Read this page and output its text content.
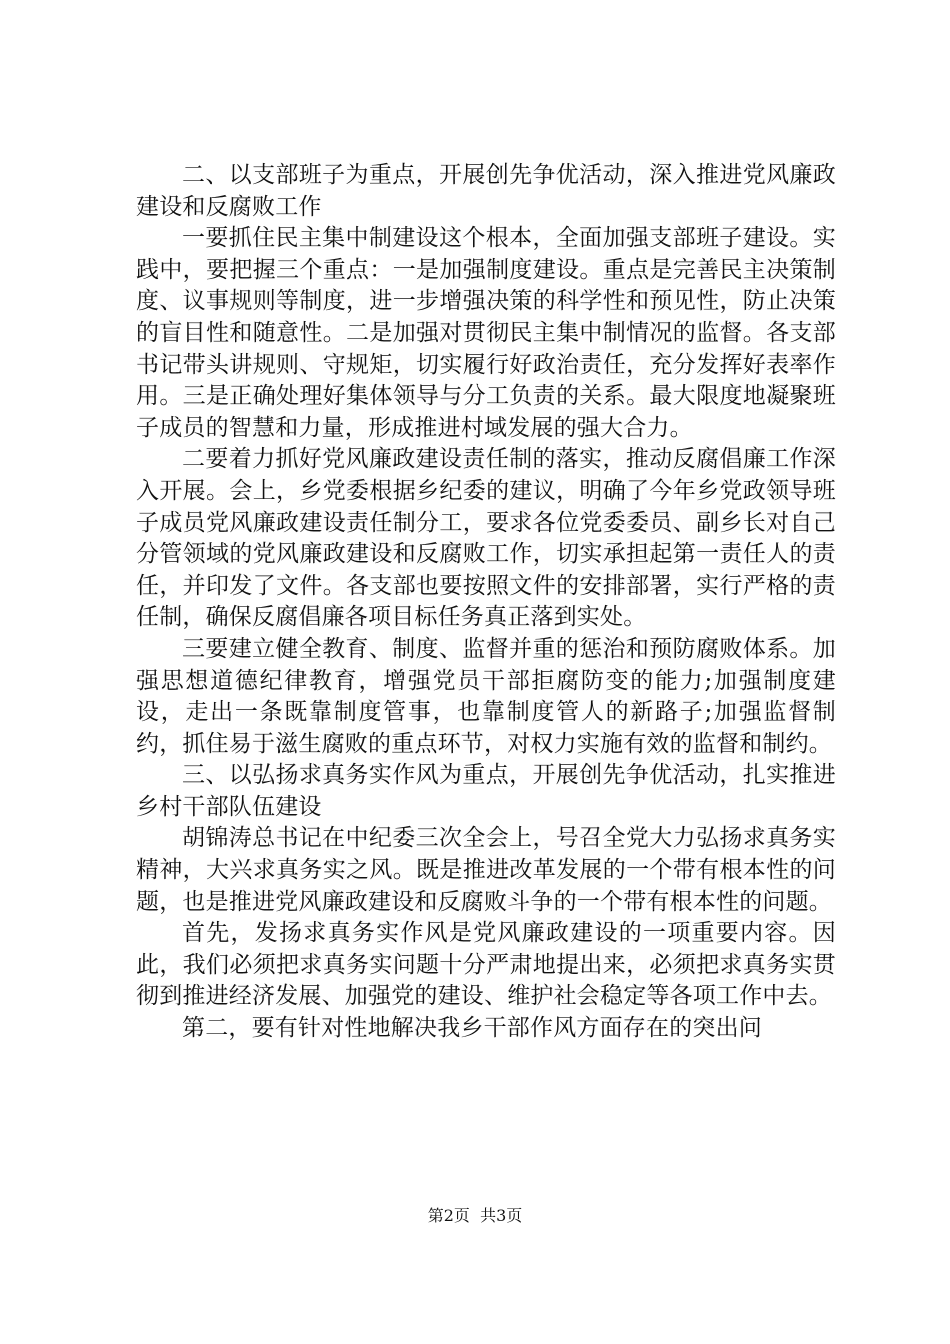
二、以支部班子为重点，开展创先争优活动，深入推进党风廉政建设和反腐败工作

一要抓住民主集中制建设这个根本，全面加强支部班子建设。实践中，要把握三个重点：一是加强制度建设。重点是完善民主决策制度、议事规则等制度，进一步增强决策的科学性和预见性，防止决策的盲目性和随意性。二是加强对贯彻民主集中制情况的监督。各支部书记带头讲规则、守规矩，切实履行好政治责任，充分发挥好表率作用。三是正确处理好集体领导与分工负责的关系。最大限度地凝聚班子成员的智慧和力量，形成推进村域发展的强大合力。

二要着力抓好党风廉政建设责任制的落实，推动反腐倡廉工作深入开展。会上，乡党委根据乡纪委的建议，明确了今年乡党政领导班子成员党风廉政建设责任制分工，要求各位党委委员、副乡长对自己分管领域的党风廉政建设和反腐败工作，切实承担起第一责任人的责任，并印发了文件。各支部也要按照文件的安排部署，实行严格的责任制，确保反腐倡廉各项目标任务真正落到实处。

三要建立健全教育、制度、监督并重的惩治和预防腐败体系。加强思想道德纪律教育，增强党员干部拒腐防变的能力;加强制度建设，走出一条既靠制度管事，也靠制度管人的新路子;加强监督制约，抓住易于滋生腐败的重点环节，对权力实施有效的监督和制约。

三、以弘扬求真务实作风为重点，开展创先争优活动，扎实推进乡村干部队伍建设

胡锦涛总书记在中纪委三次全会上，号召全党大力弘扬求真务实精神，大兴求真务实之风。既是推进改革发展的一个带有根本性的问题，也是推进党风廉政建设和反腐败斗争的一个带有根本性的问题。

首先，发扬求真务实作风是党风廉政建设的一项重要内容。因此，我们必须把求真务实问题十分严肃地提出来，必须把求真务实贯彻到推进经济发展、加强党的建设、维护社会稳定等各项工作中去。

第二，要有针对性地解决我乡干部作风方面存在的突出问

第2页 共3页
